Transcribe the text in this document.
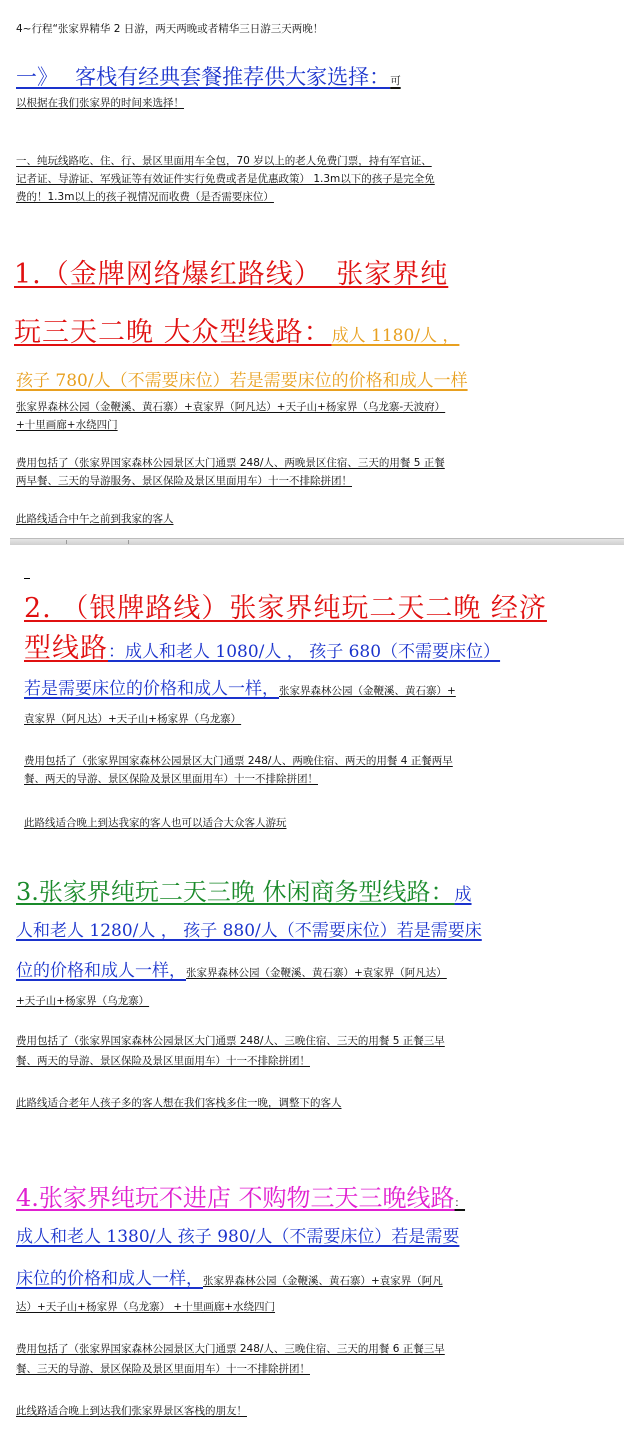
4~行程“张家界精华 2 日游，两天两晚或者精华三日游三天两晚！
一》　 客栈有经典套餐推荐供大家选择：可
以根据在我们张家界的时间来选择！
一、纯玩线路吃、住、行、景区里面用车全包，70 岁以上的老人免费门票，持有军官证、
记者证、导游证、军残证等有效证件实行免费或者是优惠政策） 1.3m以下的孩子是完全免
费的！1.3m以上的孩子视情况而收费（是否需要床位）
1.（金牌网络爆红路线）　张家界纯
玩三天二晚 大众型线路：成人 1180/人 ，
孩子 780/人（不需要床位）若是需要床位的价格和成人一样
张家界森林公园（金鞭溪、黄石寨）+袁家界（阿凡达）+天子山+杨家界（乌龙寨-天波府）
+十里画廊+水绕四门
费用包括了（张家界国家森林公园景区大门通票 248/人、两晚景区住宿、三天的用餐 5 正餐
两早餐、三天的导游服务、景区保险及景区里面用车）十一不排除拼团！
此路线适合中午之前到我家的客人
2. （银牌路线）张家界纯玩二天二晚 经济
型线路：成人和老人 1080/人 ， 孩子 680（不需要床位）
若是需要床位的价格和成人一样，张家界森林公园（金鞭溪、黄石寨）+
袁家界（阿凡达）+天子山+杨家界（乌龙寨）
费用包括了（张家界国家森林公园景区大门通票 248/人、两晚住宿、两天的用餐 4 正餐两早
餐、两天的导游、景区保险及景区里面用车）十一不排除拼团！
此路线适合晚上到达我家的客人也可以适合大众客人游玩
3.张家界纯玩二天三晚 休闲商务型线路：成
人和老人 1280/人 ， 孩子 880/人（不需要床位）若是需要床
位的价格和成人一样，张家界森林公园（金鞭溪、黄石寨）+袁家界（阿凡达）
+天子山+杨家界（乌龙寨）
费用包括了（张家界国家森林公园景区大门通票 248/人、三晚住宿、三天的用餐 5 正餐三早
餐、两天的导游、景区保险及景区里面用车）十一不排除拼团！
此路线适合老年人孩子多的客人想在我们客栈多住一晚，调整下的客人
4.张家界纯玩不进店 不购物三天三晚线路：
成人和老人 1380/人 孩子 980/人（不需要床位）若是需要
床位的价格和成人一样，张家界森林公园（金鞭溪、黄石寨）+袁家界（阿凡
达）+天子山+杨家界（乌龙寨） +十里画廊+水绕四门
费用包括了（张家界国家森林公园景区大门通票 248/人、三晚住宿、三天的用餐 6 正餐三早
餐、三天的导游、景区保险及景区里面用车）十一不排除拼团！
此线路适合晚上到达我们张家界景区客栈的朋友！
